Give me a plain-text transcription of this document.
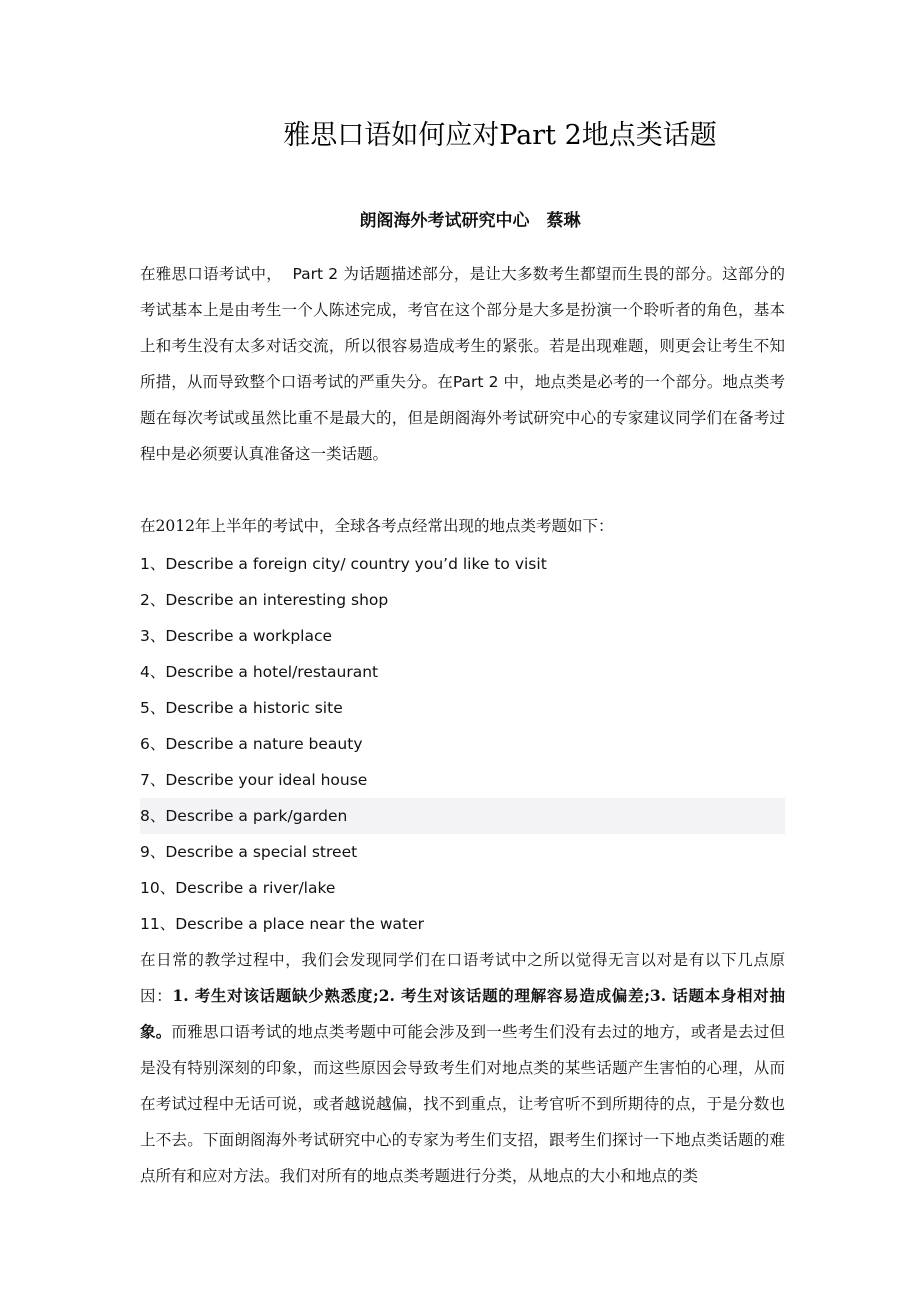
雅思口语如何应对Part 2地点类话题
朗阁海外考试研究中心　蔡琳

在雅思口语考试中， Part 2 为话题描述部分，是让大多数考生都望而生畏的部分。这部分的考试基本上是由考生一个人陈述完成，考官在这个部分是大多是扮演一个聆听者的角色，基本上和考生没有太多对话交流，所以很容易造成考生的紧张。若是出现难题，则更会让考生不知所措，从而导致整个口语考试的严重失分。在Part 2 中，地点类是必考的一个部分。地点类考题在每次考试或虽然比重不是最大的，但是朗阁海外考试研究中心的专家建议同学们在备考过程中是必须要认真准备这一类话题。

在2012年上半年的考试中，全球各考点经常出现的地点类考题如下：

1、Describe a foreign city/ country you’d like to visit
2、Describe an interesting shop
3、Describe a workplace
4、Describe a hotel/restaurant
5、Describe a historic site
6、Describe a nature beauty
7、Describe your ideal house
8、Describe a park/garden
9、Describe a special street
10、Describe a river/lake
11、Describe a place near the water

在日常的教学过程中，我们会发现同学们在口语考试中之所以觉得无言以对是有以下几点原因：1. 考生对该话题缺少熟悉度;2. 考生对该话题的理解容易造成偏差;3. 话题本身相对抽象。而雅思口语考试的地点类考题中可能会涉及到一些考生们没有去过的地方，或者是去过但是没有特别深刻的印象，而这些原因会导致考生们对地点类的某些话题产生害怕的心理，从而在考试过程中无话可说，或者越说越偏，找不到重点，让考官听不到所期待的点，于是分数也上不去。下面朗阁海外考试研究中心的专家为考生们支招，跟考生们探讨一下地点类话题的难点所有和应对方法。我们对所有的地点类考题进行分类，从地点的大小和地点的类
